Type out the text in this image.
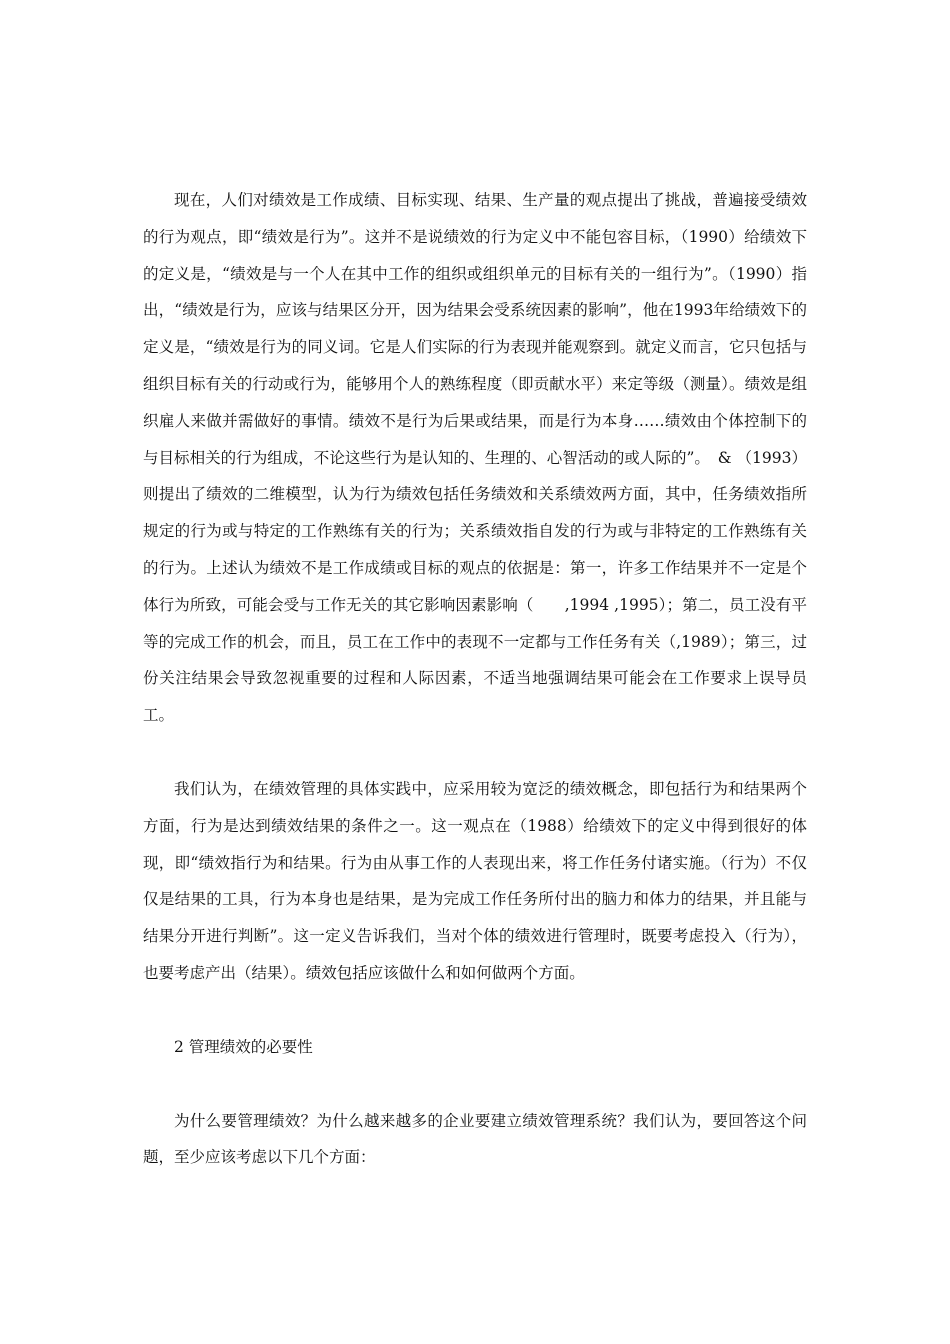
现在，人们对绩效是工作成绩、目标实现、结果、生产量的观点提出了挑战，普遍接受绩效的行为观点，即“绩效是行为”。这并不是说绩效的行为定义中不能包容目标，（1990）给绩效下的定义是，“绩效是与一个人在其中工作的组织或组织单元的目标有关的一组行为”。（1990）指出，“绩效是行为，应该与结果区分开，因为结果会受系统因素的影响”，他在1993年给绩效下的定义是，“绩效是行为的同义词。它是人们实际的行为表现并能观察到。就定义而言，它只包括与组织目标有关的行动或行为，能够用个人的熟练程度（即贡献水平）来定等级（测量）。绩效是组织雇人来做并需做好的事情。绩效不是行为后果或结果，而是行为本身……绩效由个体控制下的与目标相关的行为组成，不论这些行为是认知的、生理的、心智活动的或人际的”。　& （1993）则提出了绩效的二维模型，认为行为绩效包括任务绩效和关系绩效两方面，其中，任务绩效指所规定的行为或与特定的工作熟练有关的行为；关系绩效指自发的行为或与非特定的工作熟练有关的行为。上述认为绩效不是工作成绩或目标的观点的依据是：第一，许多工作结果并不一定是个体行为所致，可能会受与工作无关的其它影响因素影响（　　,1994 ,1995）；第二，员工没有平等的完成工作的机会，而且，员工在工作中的表现不一定都与工作任务有关（,1989）；第三，过份关注结果会导致忽视重要的过程和人际因素，不适当地强调结果可能会在工作要求上误导员工。

我们认为，在绩效管理的具体实践中，应采用较为宽泛的绩效概念，即包括行为和结果两个方面，行为是达到绩效结果的条件之一。这一观点在（1988）给绩效下的定义中得到很好的体现，即“绩效指行为和结果。行为由从事工作的人表现出来，将工作任务付诸实施。（行为）不仅仅是结果的工具，行为本身也是结果，是为完成工作任务所付出的脑力和体力的结果，并且能与结果分开进行判断”。这一定义告诉我们，当对个体的绩效进行管理时，既要考虑投入（行为），也要考虑产出（结果）。绩效包括应该做什么和如何做两个方面。

2 管理绩效的必要性

为什么要管理绩效？为什么越来越多的企业要建立绩效管理系统？我们认为，要回答这个问题，至少应该考虑以下几个方面：
